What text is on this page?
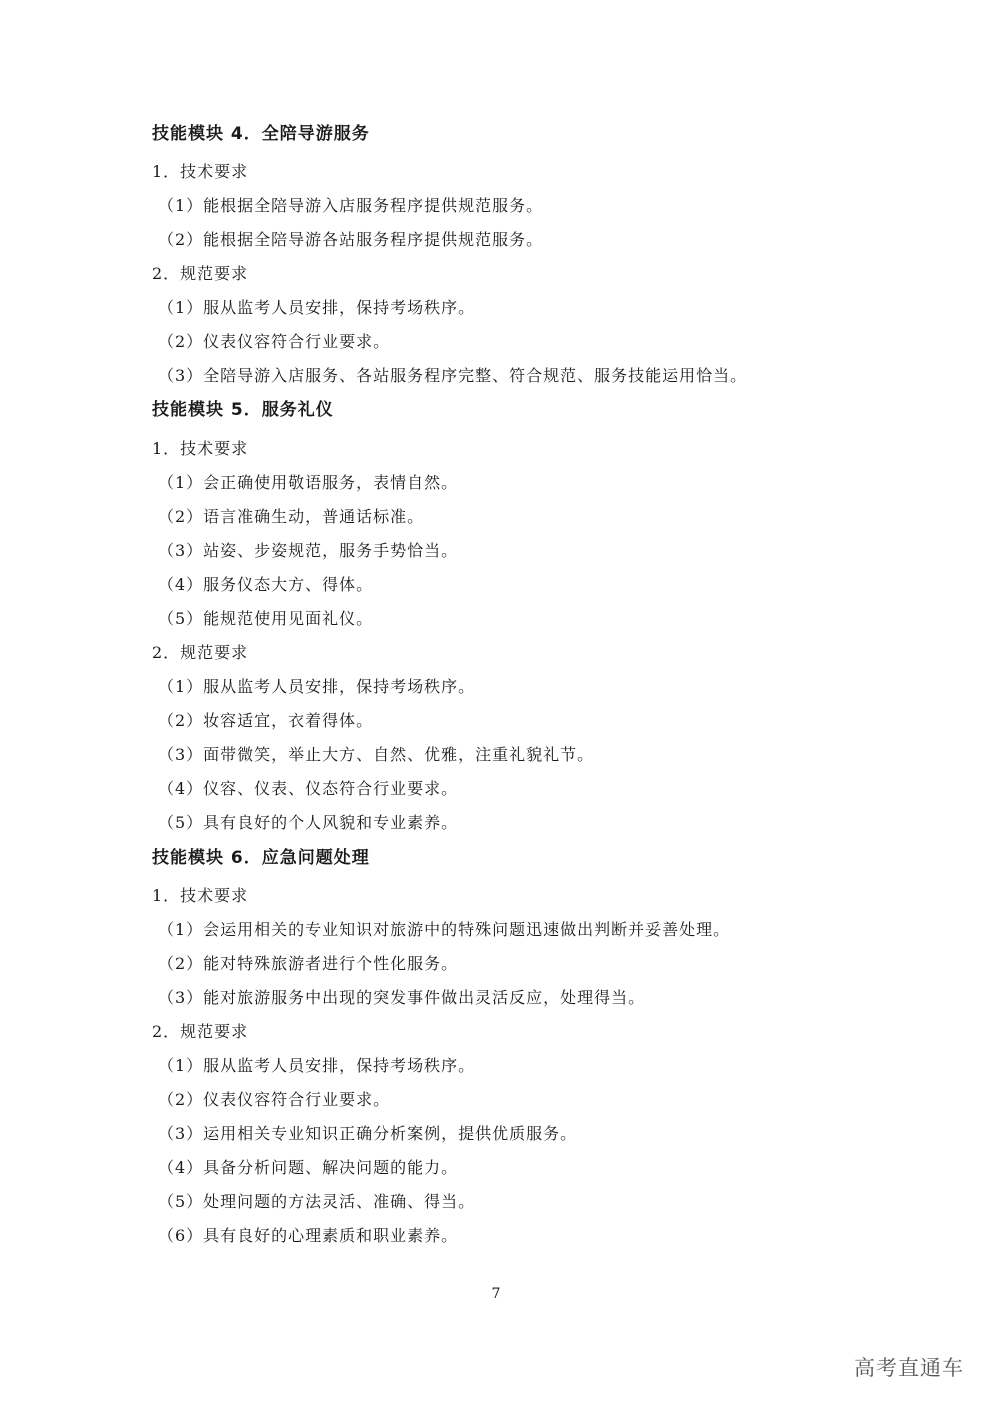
技能模块 4．全陪导游服务
1．技术要求
（1）能根据全陪导游入店服务程序提供规范服务。
（2）能根据全陪导游各站服务程序提供规范服务。
2．规范要求
（1）服从监考人员安排，保持考场秩序。
（2）仪表仪容符合行业要求。
（3）全陪导游入店服务、各站服务程序完整、符合规范、服务技能运用恰当。
技能模块 5．服务礼仪
1．技术要求
（1）会正确使用敬语服务，表情自然。
（2）语言准确生动，普通话标准。
（3）站姿、步姿规范，服务手势恰当。
（4）服务仪态大方、得体。
（5）能规范使用见面礼仪。
2．规范要求
（1）服从监考人员安排，保持考场秩序。
（2）妆容适宜，衣着得体。
（3）面带微笑，举止大方、自然、优雅，注重礼貌礼节。
（4）仪容、仪表、仪态符合行业要求。
（5）具有良好的个人风貌和专业素养。
技能模块 6．应急问题处理
1．技术要求
（1）会运用相关的专业知识对旅游中的特殊问题迅速做出判断并妥善处理。
（2）能对特殊旅游者进行个性化服务。
（3）能对旅游服务中出现的突发事件做出灵活反应，处理得当。
2．规范要求
（1）服从监考人员安排，保持考场秩序。
（2）仪表仪容符合行业要求。
（3）运用相关专业知识正确分析案例，提供优质服务。
（4）具备分析问题、解决问题的能力。
（5）处理问题的方法灵活、准确、得当。
（6）具有良好的心理素质和职业素养。
7
高考直通车
